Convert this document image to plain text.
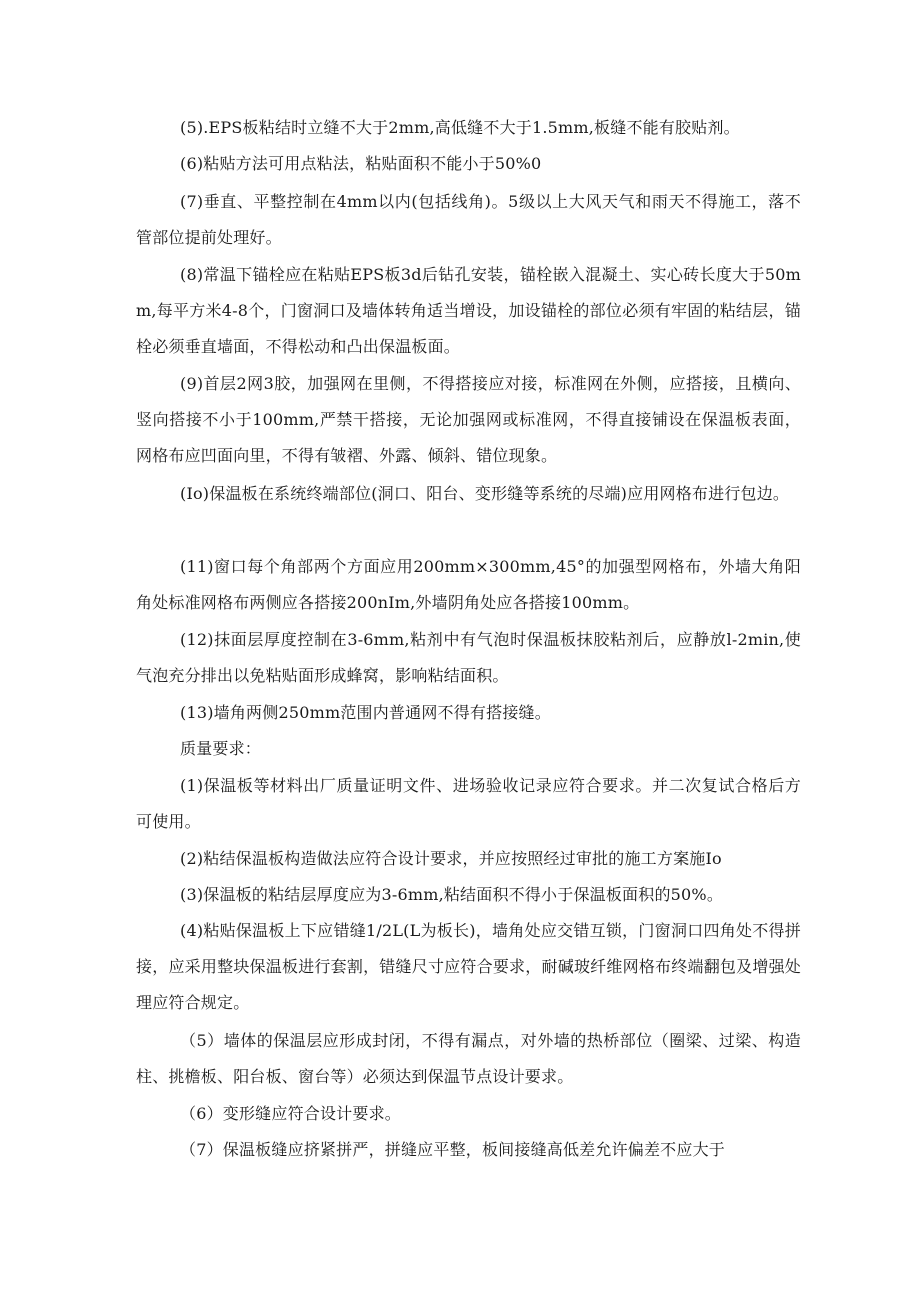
(5).EPS板粘结时立缝不大于2mm,高低缝不大于1.5mm,板缝不能有胶贴剂。

(6)粘贴方法可用点粘法，粘贴面积不能小于50%0

(7)垂直、平整控制在4mm以内(包括线角)。5级以上大风天气和雨天不得施工，落不管部位提前处理好。

(8)常温下锚栓应在粘贴EPS板3d后钻孔安装，锚栓嵌入混凝土、实心砖长度大于50mm,每平方米4-8个，门窗洞口及墙体转角适当增设，加设锚栓的部位必须有牢固的粘结层，锚栓必须垂直墙面，不得松动和凸出保温板面。

(9)首层2网3胶，加强网在里侧，不得搭接应对接，标准网在外侧，应搭接，且横向、竖向搭接不小于100mm,严禁干搭接，无论加强网或标准网，不得直接铺设在保温板表面，网格布应凹面向里，不得有皱褶、外露、倾斜、错位现象。

(Io)保温板在系统终端部位(洞口、阳台、变形缝等系统的尽端)应用网格布进行包边。

(11)窗口每个角部两个方面应用200mm×300mm,45°的加强型网格布，外墙大角阳角处标准网格布两侧应各搭接200nIm,外墙阴角处应各搭接100mm。

(12)抹面层厚度控制在3-6mm,粘剂中有气泡时保温板抹胶粘剂后，应静放l-2min,使气泡充分排出以免粘贴面形成蜂窝，影响粘结面积。

(13)墙角两侧250mm范围内普通网不得有搭接缝。

质量要求：

(1)保温板等材料出厂质量证明文件、进场验收记录应符合要求。并二次复试合格后方可使用。

(2)粘结保温板构造做法应符合设计要求，并应按照经过审批的施工方案施Io

(3)保温板的粘结层厚度应为3-6mm,粘结面积不得小于保温板面积的50%。

(4)粘贴保温板上下应错缝1/2L(L为板长)，墙角处应交错互锁，门窗洞口四角处不得拼接，应采用整块保温板进行套割，错缝尺寸应符合要求，耐碱玻纤维网格布终端翻包及增强处理应符合规定。

（5）墙体的保温层应形成封闭，不得有漏点，对外墙的热桥部位（圈梁、过梁、构造柱、挑檐板、阳台板、窗台等）必须达到保温节点设计要求。

（6）变形缝应符合设计要求。

（7）保温板缝应挤紧拼严，拼缝应平整，板间接缝高低差允许偏差不应大于
